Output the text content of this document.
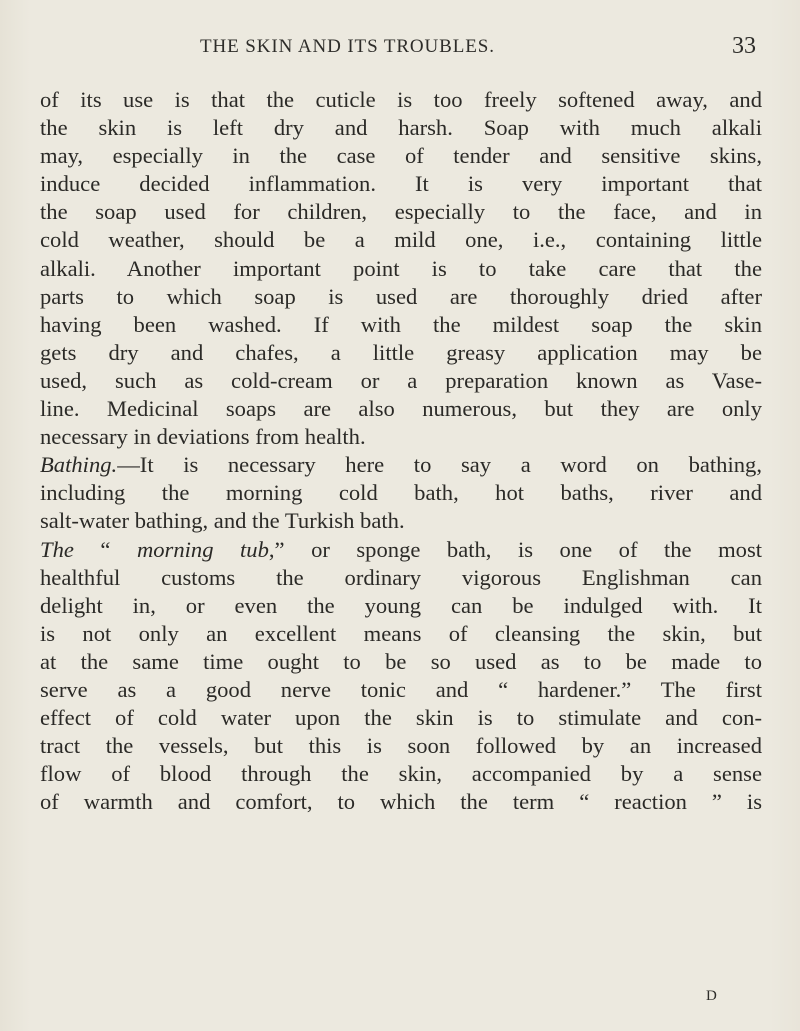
THE SKIN AND ITS TROUBLES.	33

of its use is that the cuticle is too freely softened away, and
the skin is left dry and harsh. Soap with much alkali
may, especially in the case of tender and sensitive skins,
induce decided inflammation. It is very important that
the soap used for children, especially to the face, and in
cold weather, should be a mild one, i.e., containing little
alkali. Another important point is to take care that the
parts to which soap is used are thoroughly dried after
having been washed. If with the mildest soap the skin
gets dry and chafes, a little greasy application may be
used, such as cold-cream or a preparation known as Vase-
line. Medicinal soaps are also numerous, but they are only
necessary in deviations from health.

Bathing.—It is necessary here to say a word on bathing,
including the morning cold bath, hot baths, river and
salt-water bathing, and the Turkish bath.

The “ morning tub,” or sponge bath, is one of the most
healthful customs the ordinary vigorous Englishman can
delight in, or even the young can be indulged with. It
is not only an excellent means of cleansing the skin, but
at the same time ought to be so used as to be made to
serve as a good nerve tonic and “ hardener.” The first
effect of cold water upon the skin is to stimulate and con-
tract the vessels, but this is soon followed by an increased
flow of blood through the skin, accompanied by a sense
of warmth and comfort, to which the term “ reaction ” is

D
